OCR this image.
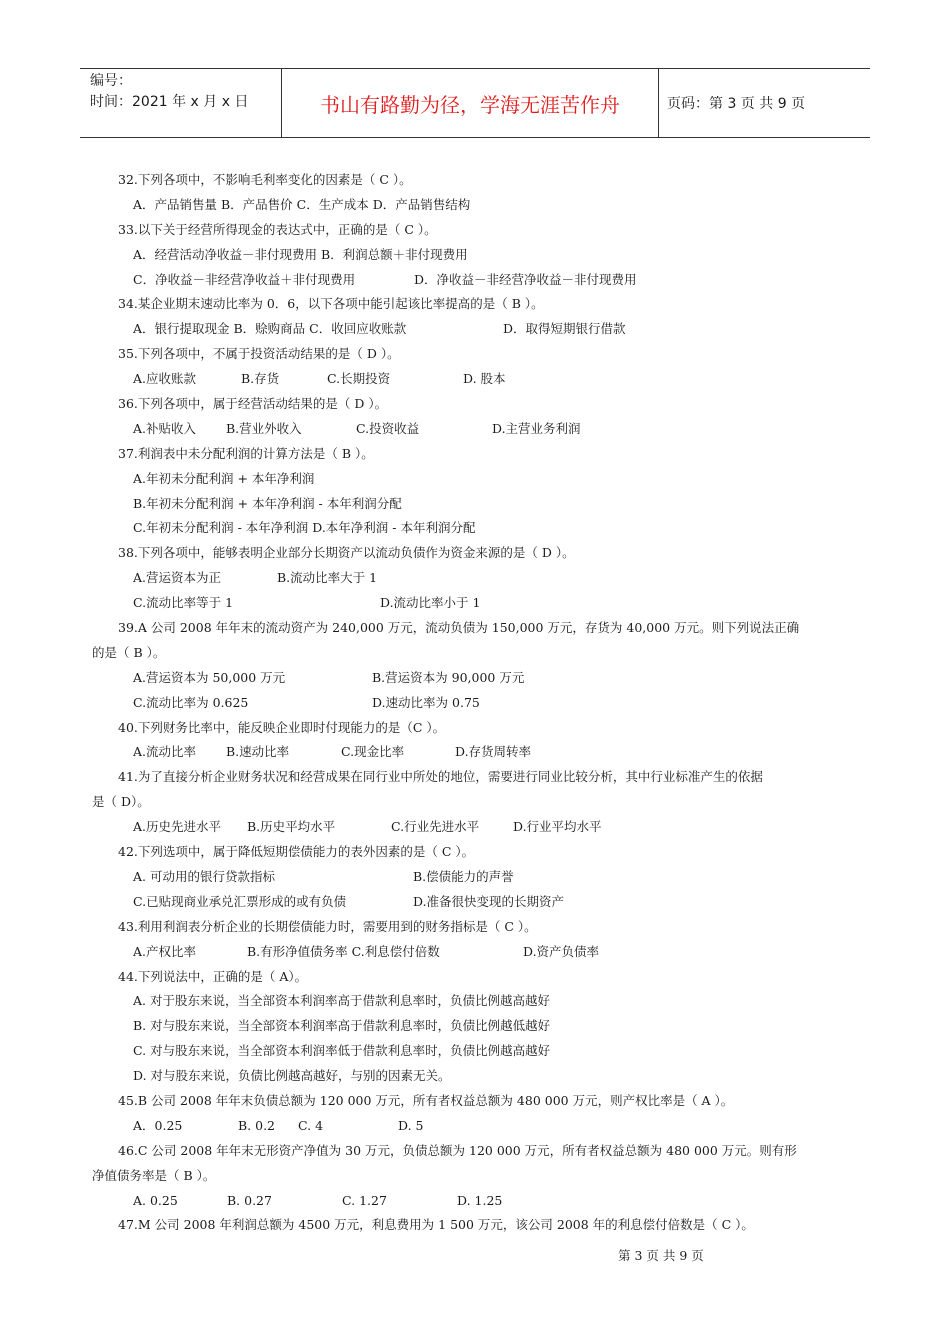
编号：
时间：2021 年 x 月 x 日	书山有路勤为径，学海无涯苦作舟	页码：第 3 页 共 9 页
32.下列各项中，不影响毛利率变化的因素是（ C ）。
A．产品销售量 B．产品售价 C．生产成本 D．产品销售结构
33.以下关于经营所得现金的表达式中，正确的是（ C ）。
A．经营活动净收益－非付现费用 B．利润总额＋非付现费用
C．净收益－非经营净收益＋非付现费用	D．净收益－非经营净收益－非付现费用
34.某企业期末速动比率为 0．6，以下各项中能引起该比率提高的是（ B ）。
A．银行提取现金 B．赊购商品 C．收回应收账款	D．取得短期银行借款
35.下列各项中，不属于投资活动结果的是（ D ）。
A.应收账款	B.存货	C.长期投资	D. 股本
36.下列各项中，属于经营活动结果的是（ D ）。
A.补贴收入 B.营业外收入	C.投资收益	D.主营业务利润
37.利润表中未分配利润的计算方法是（ B ）。
A.年初未分配利润 + 本年净利润
B.年初未分配利润 + 本年净利润 - 本年利润分配
C.年初未分配利润 - 本年净利润 D.本年净利润 - 本年利润分配
38.下列各项中，能够表明企业部分长期资产以流动负债作为资金来源的是（ D ）。
A.营运资本为正	B.流动比率大于 1
C.流动比率等于 1	D.流动比率小于 1
39.A 公司 2008 年年末的流动资产为 240,000 万元，流动负债为 150,000 万元，存货为 40,000 万元。则下列说法正确
的是（ B ）。
A.营运资本为 50,000 万元	B.营运资本为 90,000 万元
C.流动比率为 0.625	D.速动比率为 0.75
40.下列财务比率中，能反映企业即时付现能力的是（C ）。
A.流动比率 B.速动比率	C.现金比率	D.存货周转率
41.为了直接分析企业财务状况和经营成果在同行业中所处的地位，需要进行同业比较分析，其中行业标准产生的依据
是（ D）。
A.历史先进水平 B.历史平均水平	C.行业先进水平	D.行业平均水平
42.下列选项中，属于降低短期偿债能力的表外因素的是（ C ）。
A. 可动用的银行贷款指标	B.偿债能力的声誉
C.已贴现商业承兑汇票形成的或有负债	D.准备很快变现的长期资产
43.利用利润表分析企业的长期偿债能力时，需要用到的财务指标是（ C ）。
A.产权比率	B.有形净值债务率 C.利息偿付倍数	D.资产负债率
44.下列说法中，正确的是（ A）。
A. 对于股东来说，当全部资本利润率高于借款利息率时，负债比例越高越好
B. 对与股东来说，当全部资本利润率高于借款利息率时，负债比例越低越好
C. 对与股东来说，当全部资本利润率低于借款利息率时，负债比例越高越好
D. 对与股东来说，负债比例越高越好，与别的因素无关。
45.B 公司 2008 年年末负债总额为 120 000 万元，所有者权益总额为 480 000 万元，则产权比率是（ A ）。
A．0.25	B. 0.2 C. 4	D. 5
46.C 公司 2008 年年末无形资产净值为 30 万元，负债总额为 120 000 万元，所有者权益总额为 480 000 万元。则有形
净值债务率是（ B ）。
A. 0.25	B. 0.27	C. 1.27	D. 1.25
47.M 公司 2008 年利润总额为 4500 万元，利息费用为 1 500 万元，该公司 2008 年的利息偿付倍数是（ C ）。
第 3 页 共 9 页
